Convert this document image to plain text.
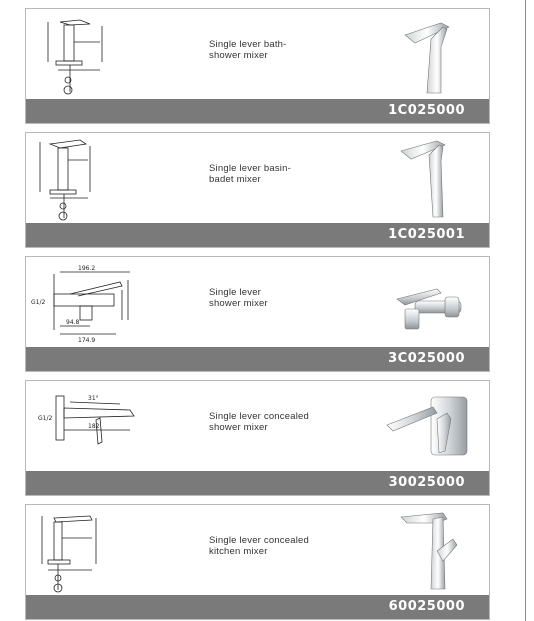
Single lever bath-
shower mixer
1C025000
Single lever basin-
badet mixer
1C025001
196.2
G1/2
94.8
174.9
Single lever
shower mixer
3C025000
31°
G1/2
182
Single lever concealed
shower mixer
30025000
Single lever concealed
kitchen mixer
60025000
